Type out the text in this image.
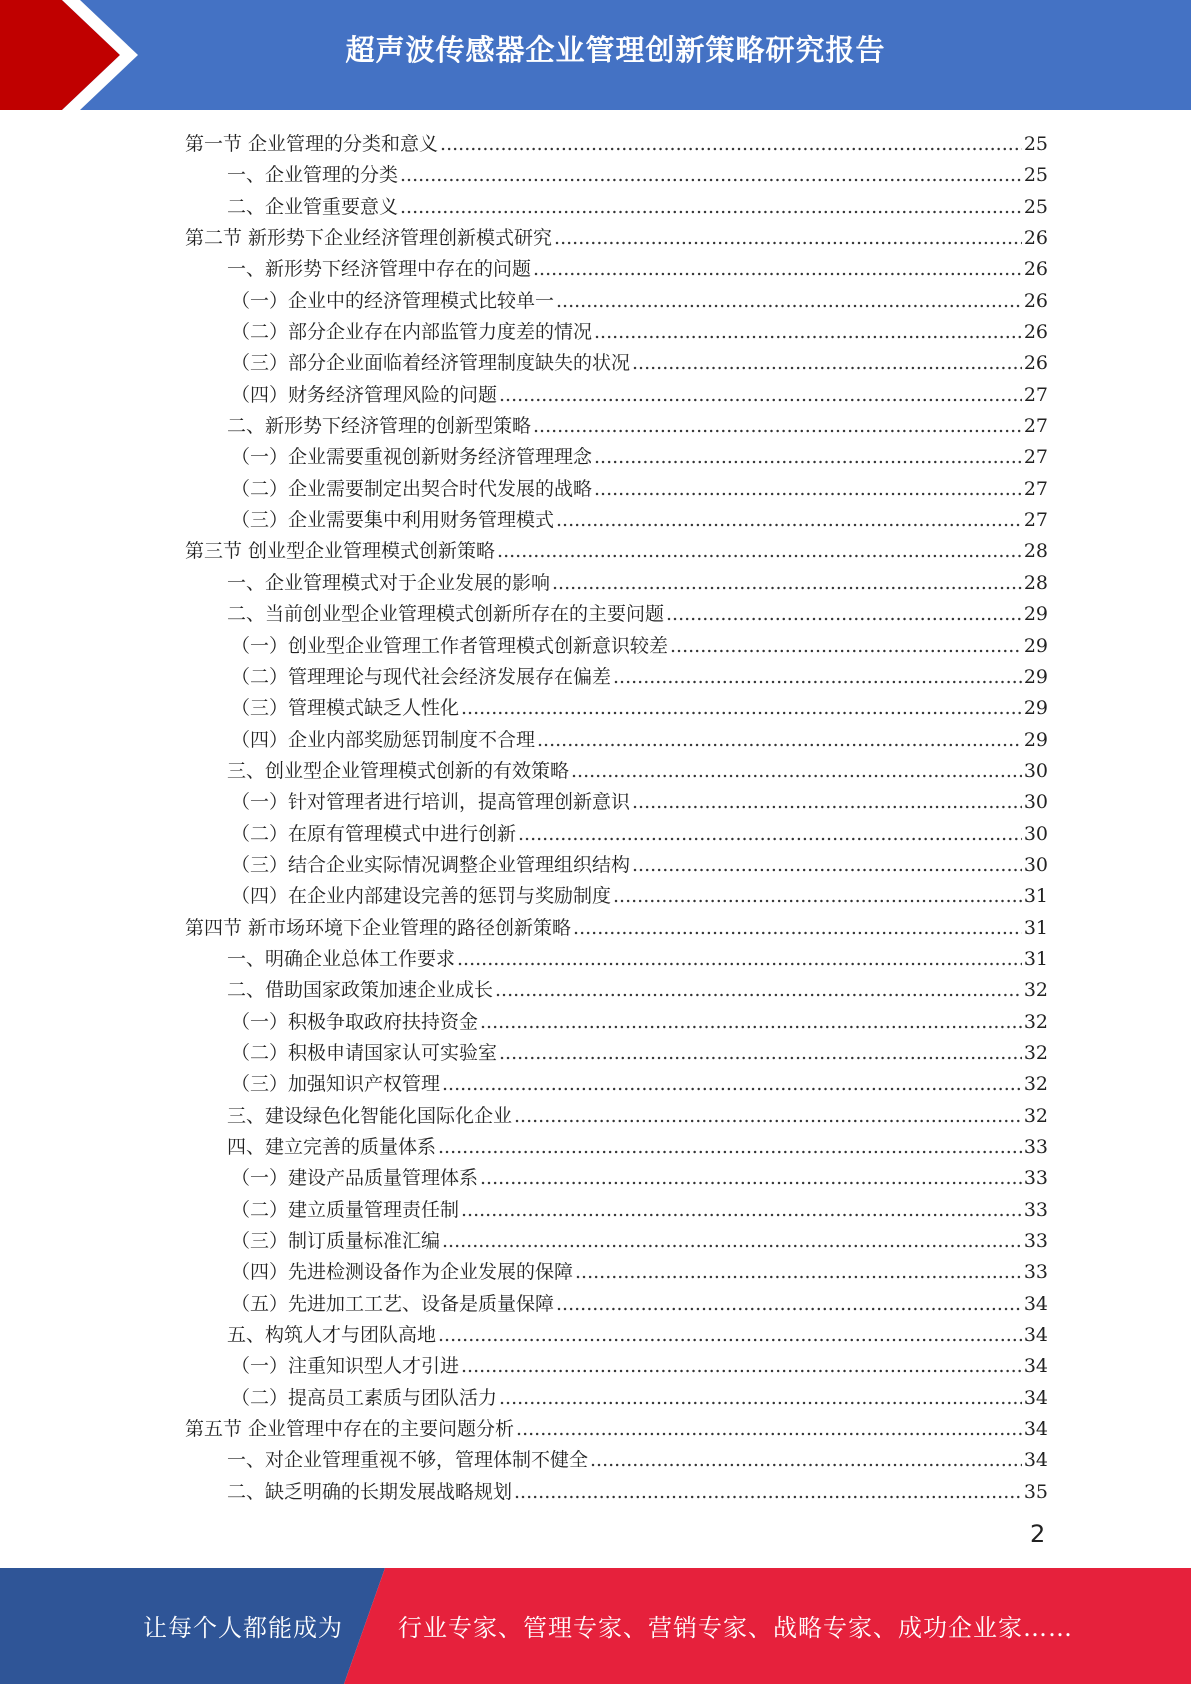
超声波传感器企业管理创新策略研究报告
第一节 企业管理的分类和意义 .....	25
一、企业管理的分类 .....	25
二、企业管重要意义 .....	25
第二节 新形势下企业经济管理创新模式研究 .....	26
一、新形势下经济管理中存在的问题 .....	26
（一）企业中的经济管理模式比较单一 .....	26
（二）部分企业存在内部监管力度差的情况 .....	26
（三）部分企业面临着经济管理制度缺失的状况 .....	26
（四）财务经济管理风险的问题 .....	27
二、新形势下经济管理的创新型策略 .....	27
（一）企业需要重视创新财务经济管理理念 .....	27
（二）企业需要制定出契合时代发展的战略 .....	27
（三）企业需要集中利用财务管理模式 .....	27
第三节 创业型企业管理模式创新策略 .....	28
一、企业管理模式对于企业发展的影响 .....	28
二、当前创业型企业管理模式创新所存在的主要问题 .....	29
（一）创业型企业管理工作者管理模式创新意识较差 .....	29
（二）管理理论与现代社会经济发展存在偏差 .....	29
（三）管理模式缺乏人性化 .....	29
（四）企业内部奖励惩罚制度不合理 .....	29
三、创业型企业管理模式创新的有效策略 .....	30
（一）针对管理者进行培训，提高管理创新意识 .....	30
（二）在原有管理模式中进行创新 .....	30
（三）结合企业实际情况调整企业管理组织结构 .....	30
（四）在企业内部建设完善的惩罚与奖励制度 .....	31
第四节 新市场环境下企业管理的路径创新策略 .....	31
一、明确企业总体工作要求 .....	31
二、借助国家政策加速企业成长 .....	32
（一）积极争取政府扶持资金 .....	32
（二）积极申请国家认可实验室 .....	32
（三）加强知识产权管理 .....	32
三、建设绿色化智能化国际化企业 .....	32
四、建立完善的质量体系 .....	33
（一）建设产品质量管理体系 .....	33
（二）建立质量管理责任制 .....	33
（三）制订质量标准汇编 .....	33
（四）先进检测设备作为企业发展的保障 .....	33
（五）先进加工工艺、设备是质量保障 .....	34
五、构筑人才与团队高地 .....	34
（一）注重知识型人才引进 .....	34
（二）提高员工素质与团队活力 .....	34
第五节 企业管理中存在的主要问题分析 .....	34
一、对企业管理重视不够，管理体制不健全 .....	34
二、缺乏明确的长期发展战略规划 .....	35
2
让每个人都能成为 行业专家、管理专家、营销专家、战略专家、成功企业家……
